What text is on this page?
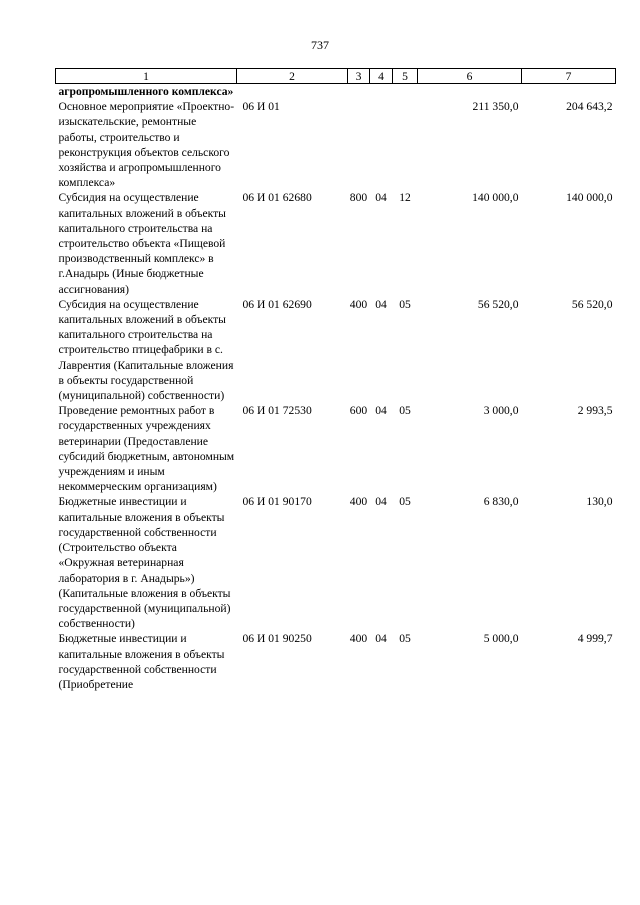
737
1	2	3	4	5	6	7
агропромышленного комплекса»						
Основное мероприятие «Проектно-изыскательские, ремонтные работы, строительство и реконструкция объектов сельского хозяйства и агропромышленного комплекса»	06 И 01				211 350,0	204 643,2
Субсидия на осуществление капитальных вложений в объекты капитального строительства на строительство объекта «Пищевой производственный комплекс» в г.Анадырь (Иные бюджетные ассигнования)	06 И 01 62680	800	04	12	140 000,0	140 000,0
Субсидия на осуществление капитальных вложений в объекты капитального строительства на строительство птицефабрики в с. Лаврентия (Капитальные вложения в объекты государственной (муниципальной) собственности)	06 И 01 62690	400	04	05	56 520,0	56 520,0
Проведение ремонтных работ в государственных учреждениях ветеринарии (Предоставление субсидий бюджетным, автономным учреждениям и иным некоммерческим организациям)	06 И 01 72530	600	04	05	3 000,0	2 993,5
Бюджетные инвестиции и капитальные вложения в объекты государственной собственности (Строительство объекта «Окружная ветеринарная лаборатория в г. Анадырь») (Капитальные вложения в объекты государственной (муниципальной) собственности)	06 И 01 90170	400	04	05	6 830,0	130,0
Бюджетные инвестиции и капитальные вложения в объекты государственной собственности (Приобретение	06 И 01 90250	400	04	05	5 000,0	4 999,7
